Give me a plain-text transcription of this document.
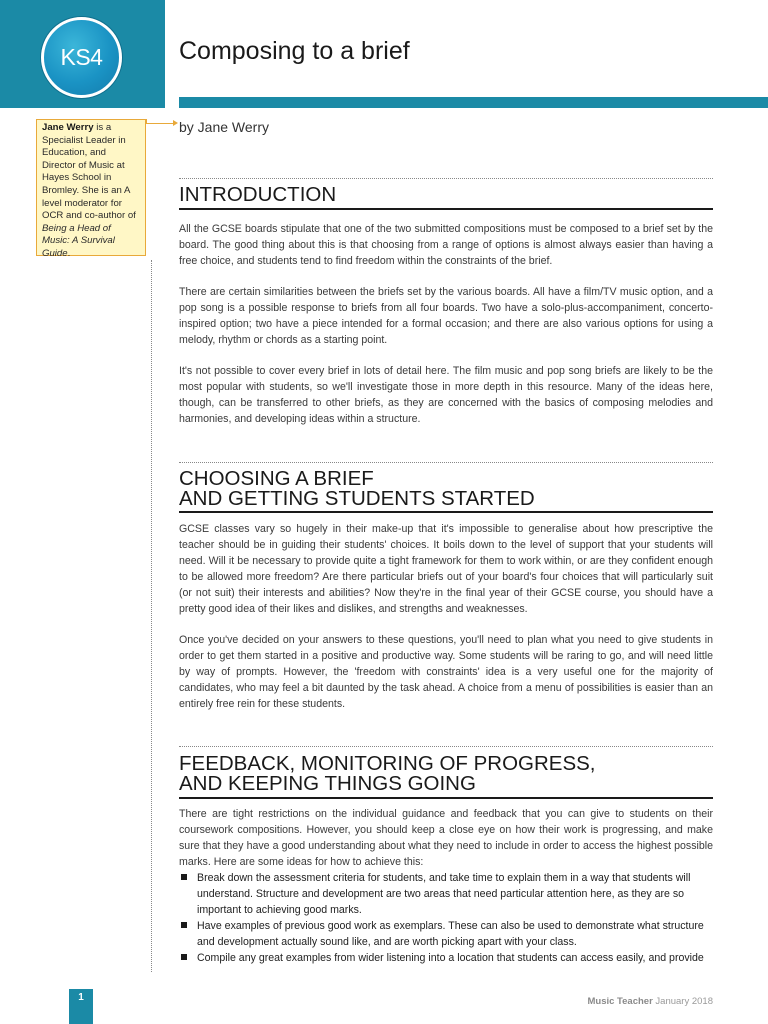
KS4	Composing to a brief
Jane Werry is a Specialist Leader in Education, and Director of Music at Hayes School in Bromley. She is an A level moderator for OCR and co-author of Being a Head of Music: A Survival Guide.
by Jane Werry
INTRODUCTION

All the GCSE boards stipulate that one of the two submitted compositions must be composed to a brief set by the board. The good thing about this is that choosing from a range of options is almost always easier than having a free choice, and students tend to find freedom within the constraints of the brief.

There are certain similarities between the briefs set by the various boards. All have a film/TV music option, and a pop song is a possible response to briefs from all four boards. Two have a solo-plus-accompaniment, concerto-inspired option; two have a piece intended for a formal occasion; and there are also various options for using a melody, rhythm or chords as a starting point.

It's not possible to cover every brief in lots of detail here. The film music and pop song briefs are likely to be the most popular with students, so we'll investigate those in more depth in this resource. Many of the ideas here, though, can be transferred to other briefs, as they are concerned with the basics of composing melodies and harmonies, and developing ideas within a structure.

CHOOSING A BRIEF
AND GETTING STUDENTS STARTED

GCSE classes vary so hugely in their make-up that it's impossible to generalise about how prescriptive the teacher should be in guiding their students' choices. It boils down to the level of support that your students will need. Will it be necessary to provide quite a tight framework for them to work within, or are they confident enough to be allowed more freedom? Are there particular briefs out of your board's four choices that will particularly suit (or not suit) their interests and abilities? Now they're in the final year of their GCSE course, you should have a pretty good idea of their likes and dislikes, and strengths and weaknesses.

Once you've decided on your answers to these questions, you'll need to plan what you need to give students in order to get them started in a positive and productive way. Some students will be raring to go, and will need little by way of prompts. However, the 'freedom with constraints' idea is a very useful one for the majority of candidates, who may feel a bit daunted by the task ahead. A choice from a menu of possibilities is easier than an entirely free rein for these students.

FEEDBACK, MONITORING OF PROGRESS,
AND KEEPING THINGS GOING

There are tight restrictions on the individual guidance and feedback that you can give to students on their coursework compositions. However, you should keep a close eye on how their work is progressing, and make sure that they have a good understanding about what they need to include in order to access the highest possible marks. Here are some ideas for how to achieve this:

Break down the assessment criteria for students, and take time to explain them in a way that students will understand. Structure and development are two areas that need particular attention here, as they are so important to achieving good marks.
Have examples of previous good work as exemplars. These can also be used to demonstrate what structure and development actually sound like, and are worth picking apart with your class.
Compile any great examples from wider listening into a location that students can access easily, and provide
1	Music Teacher January 2018
